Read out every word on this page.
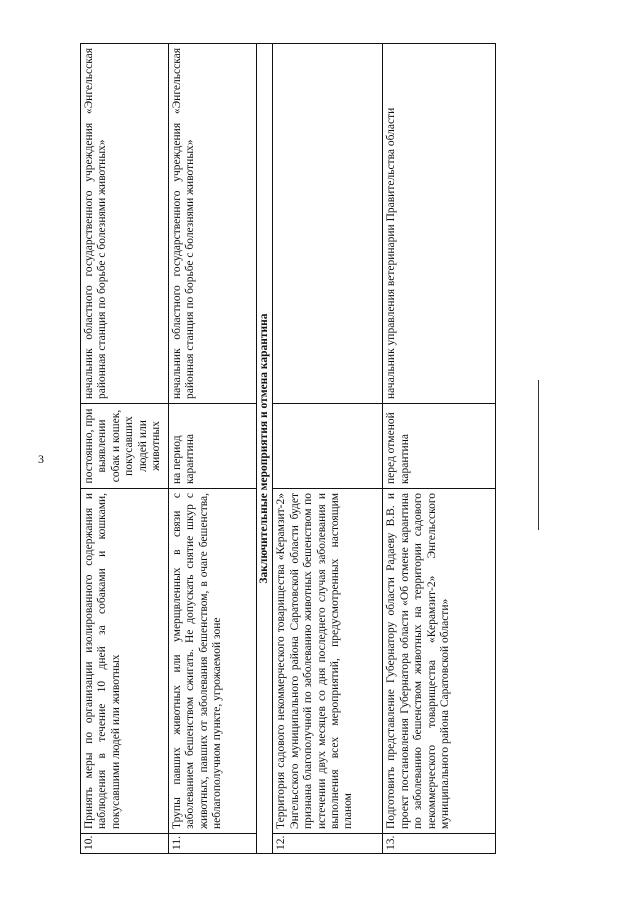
3
10.	Принять меры по организации изолированного содержания и наблюдения в течение 10 дней за собаками и кошками, покусавшими людей или животных	постоянно, при выявлении собак и кошек, покусавших людей или животных	начальник областного государственного учреждения «Энгельсская районная станция по борьбе с болезнями животных»
11.	Трупы павших животных или умерщвленных в связи с заболеванием бешенством сжигать. Не допускать снятие шкур с животных, павших от заболевания бешенством, в очаге бешенства, неблагополучном пункте, угрожаемой зоне	на период карантина	начальник областного государственного учреждения «Энгельсская районная станция по борьбе с болезнями животных»
Заключительные мероприятия и отмена карантина			
12.	Территория садового некоммерческого товарищества «Керамзит-2» Энгельсского муниципального района Саратовской области будет признана благополучной по заболеванию животных бешенством по истечении двух месяцев со дня последнего случая заболевания и выполнения всех мероприятий, предусмотренных настоящим планом		
13.	Подготовить представление Губернатору области Радаеву В.В. и проект постановления Губернатора области «Об отмене карантина по заболеванию бешенством животных на территории садового некоммерческого товарищества «Керамзит-2» Энгельсского муниципального района Саратовской области»	перед отменой карантина	начальник управления ветеринарии Правительства области
